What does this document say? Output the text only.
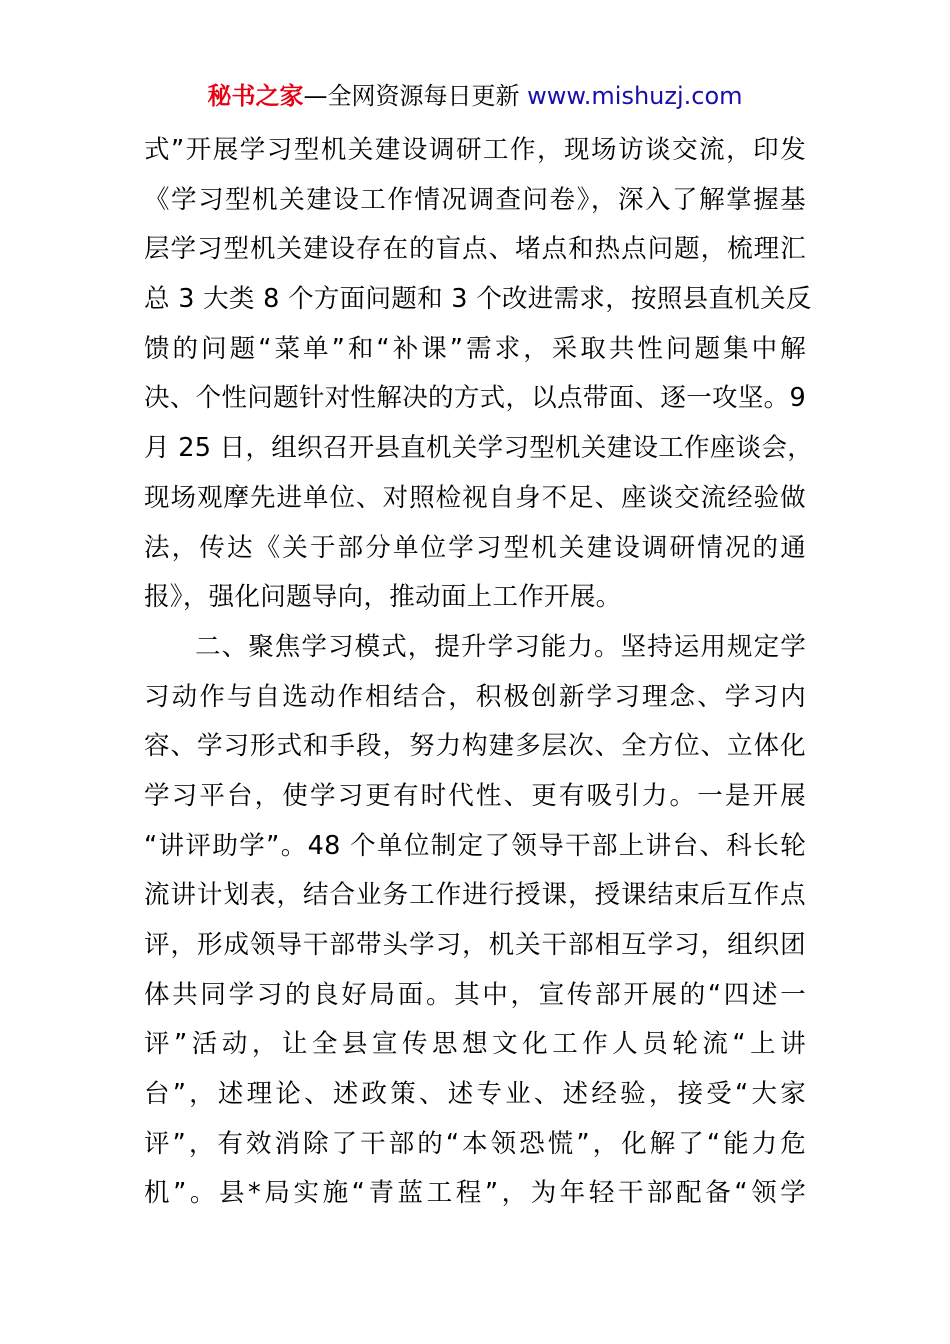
秘书之家—全网资源每日更新 www.mishuzj.com
式”开展学习型机关建设调研工作，现场访谈交流，印发
《学习型机关建设工作情况调查问卷》，深入了解掌握基
层学习型机关建设存在的盲点、堵点和热点问题，梳理汇
总 3 大类 8 个方面问题和 3 个改进需求，按照县直机关反
馈的问题“菜单”和“补课”需求，采取共性问题集中解
决、个性问题针对性解决的方式，以点带面、逐一攻坚。9
月 25 日，组织召开县直机关学习型机关建设工作座谈会，
现场观摩先进单位、对照检视自身不足、座谈交流经验做
法，传达《关于部分单位学习型机关建设调研情况的通
报》，强化问题导向，推动面上工作开展。
二、聚焦学习模式，提升学习能力。坚持运用规定学
习动作与自选动作相结合，积极创新学习理念、学习内
容、学习形式和手段，努力构建多层次、全方位、立体化
学习平台，使学习更有时代性、更有吸引力。一是开展
“讲评助学”。48 个单位制定了领导干部上讲台、科长轮
流讲计划表，结合业务工作进行授课，授课结束后互作点
评，形成领导干部带头学习，机关干部相互学习，组织团
体共同学习的良好局面。其中，宣传部开展的“四述一
评”活动，让全县宣传思想文化工作人员轮流“上讲
台”，述理论、述政策、述专业、述经验，接受“大家
评”，有效消除了干部的“本领恐慌”，化解了“能力危
机”。县*局实施“青蓝工程”，为年轻干部配备“领学
